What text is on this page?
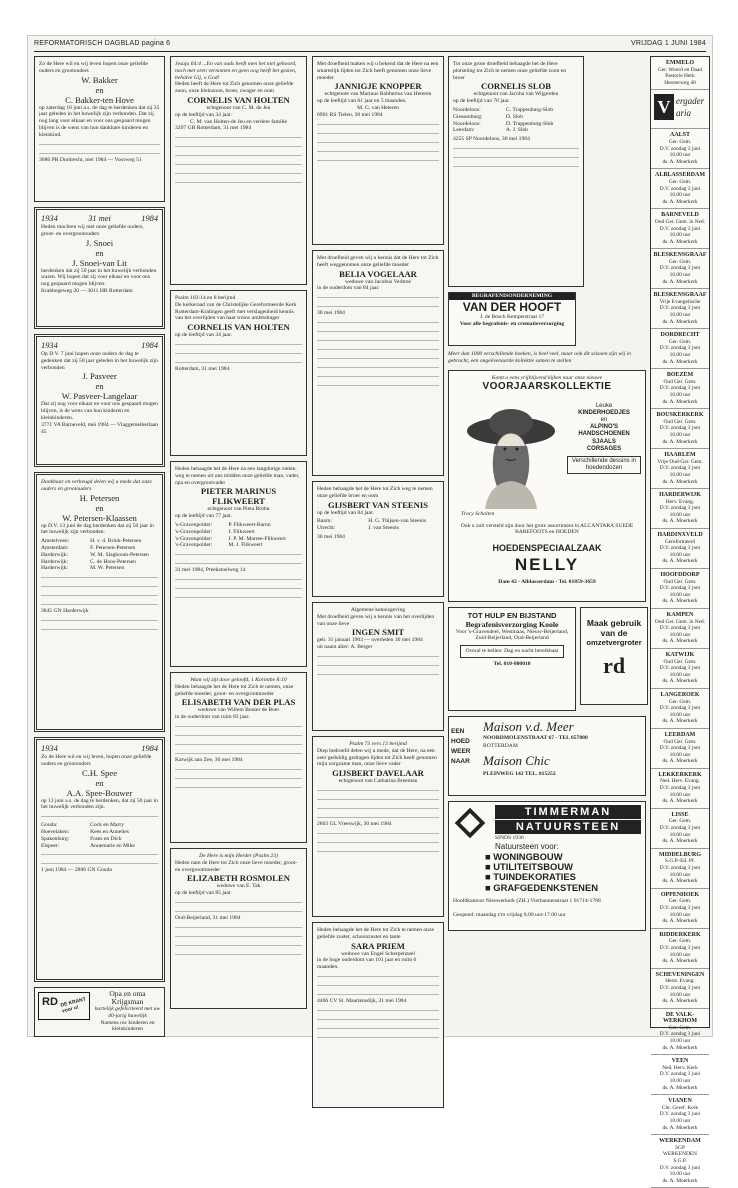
REFORMATORISCH DAGBLAD pagina 6	VRIJDAG 1 JUNI 1984
Zo de Here wil en wij leven hopen onze geliefde ouders en grootouders
W. Bakker
en
C. Bakker-ten Hove
op zaterdag 16 juni a.s. de dag te herdenken dat zij 35 jaar geleden in het huwelijk zijn verbonden. Dat zij nog lang voor elkaar en voor ons gespaard mogen blijven is de wens van hun dankbare kinderen en kleinkind.
3086 PR Dordrecht, mei 1984 — Voorweg 51
1934	31 mei	1984
Heden mochten wij met onze geliefde ouders, groot- en overgrootouders
J. Snoei
en
J. Snoei-van Lit
herdenken dat zij 50 jaar in het huwelijk verbonden waren. Wij hopen dat zij voor elkaar en voor ons nog gespaard mogen blijven.
Krabbegeweg 20 — 3011 HB Rotterdam
1934	1984
Op D.V. 7 juni hopen onze ouders de dag te gedenken dat zij 50 jaar geleden in het huwelijk zijn verbonden
J. Pasveer
en
W. Pasveer-Langelaar
Dat zij nog voor elkaar en voor ons gespaard mogen blijven, is de wens van hun kinderen en kleinkinderen.
3771 VA Barneveld, mei 1984 — Vlaggemeikerlaan 45
Dankbaar en verheugd delen wij u mede dat onze ouders en grootouders
H. Petersen
en
W. Petersen-Klaassen
op D.V. 13 juni de dag herdenken dat zij 50 jaar in het huwelijk zijn verbonden.
Amstelveen:	H. v. d. Brink-Petersen
Amsterdam:	F. Petersen-Petersen
Harderwijk:	W. M. Slagboom-Petersen
Harderwijk:	C. de Hoos-Petersen
Harderwijk:	M. W. Petersen
3845 GN Harderwijk
1934	1984
Zo de Here wil en wij leven, hopen onze geliefde ouders en grootouders
C.H. Spee
en
A.A. Spee-Bouwer
op 13 juni a.s. de dag te herdenken, dat zij 50 jaar in het huwelijk verbonden zijn.
Gouda:	Cock en Marry
Hoevelaken:	Kees en Annelies
Spakenburg:	Frans en Dick
Elspeet:	Annemarie en Mike
1 juni 1984 — 2806 GN Gouda
RD DE KRANT voor u!
Opa en oma Krijgsman
hartelijk gefeliciteerd met uw 40-jarig huwelijk
Namens uw kinderen en kleinkinderen
Jesaja 64:4 ...En van ouds heeft men het niet gehoord, noch met oren vernomen en geen oog heeft het gezien, behalve Gij, o God!
Heden heeft de Here tot Zich genomen onze geliefde zoon, onze kleinzoon, broer, zwager en oom
CORNELIS VAN HOLTEN
echtgenoot van C. M. de Jeu
op de leeftijd van 34 jaar.
C. M. van Holten-de Jeu en verdere familie
3297 GB Rotterdam, 31 mei 1984
Psalm 103:14 en 8 berijmd
De kerkeraad van de Christelijke Gereformeerde Kerk Rotterdam-Kralingen geeft met verslagenheid kennis van het overlijden van haar trouw ambtsdrager
CORNELIS VAN HOLTEN
op de leeftijd van 34 jaar.
Rotterdam, 31 mei 1984
Heden behaagde het de Here na een langdurige ziekte, weg te nemen uit ons midden onze geliefde man, vader, opa en overgrootvader
PIETER MARINUS FLIKWEERT
echtgenoot van Pieta Brobu
op de leeftijd van 77 jaar.
's-Gravenpolder:	P. Flikweert-Barno
's-Gravenpolder:	J. Flikweert
's-Gravenpolder:	J. P. M. Marree-Flikweert
's-Gravenpolder:	M. J. Flikweert
31 mei 1984, Preekstoelweg 14
Want wij zijt door geloofd, 1 Korinthe 8:10
Heden behaagde het de Here tot Zich te nemen, onze geliefde moeder, groot- en overgrootmoeder
ELISABETH VAN DER PLAS
weduwe van Willem Bouter de Boer
in de ouderdom van ruim 83 jaar.
Katwijk aan Zee, 30 mei 1984
De Here is mijn Herder (Psalm 23)
Heden nam de Here tot Zich onze lieve moeder, groot- en overgrootmoeder
ELIZABETH ROSMOLEN
weduwe van E. Tak
op de leeftijd van 85 jaar
Oud-Beijerland, 31 mei 1984
Met droefheid maken wij u bekend dat de Here na een smartelijk lijden tot Zich heeft genomen onze lieve moeder
JANNIGJE KNOPPER
echtgenote van Marinus Robbertus van Heteren
op de leeftijd van 61 jaar en 5 maanden.
M. G. van Heteren
6901 RS Tielen, 30 mei 1984
Met droefheid geven wij u kennis dat de Here tot Zich heeft weggenomen onze geliefde moeder
BELIA VOGELAAR
weduwe van Jacobus Verbree
in de ouderdom van 84 jaar.
30 mei 1984
Heden behaagde het de Here tot Zich weg te nemen onze geliefde broer en oom
GIJSBERT VAN STEENIS
op de leeftijd van 84 jaar.
Baarn:	H. G. Thijsen-van Steenis
Utrecht:	J. van Steenis
30 mei 1984
Algemene kennisgeving
Met droefheid geven wij u kennis van het overlijden van onze lieve
INGEN SMIT
geb. 31 januari 1903 — overleden 30 mei 1984
uit naam aller: A. Berger
Psalm 73 vers 13 berijmd
Diep bedroefd delen wij u mede, dat de Here, na een zeer geduldig gedragen lijden tot Zich heeft genomen mijn zorgzame man, onze lieve vader
GIJSBERT DAVELAAR
echtgenoot van Catharina Breeman
2803 GL Vreeswijk, 30 mei 1984
Heden behaagde het de Here tot Zich te nemen onze geliefde zuster, schoonzuster en tante
SARA PRIEM
weduwe van Engel Scherpenzeel
in de hoge ouderdom van 101 jaar en ruim 6 maanden.
4406 CV St. Maartensdijk, 31 mei 1984
Tot onze grote droefheid behaagde het de Here plotseling tot Zich te nemen onze geliefde zoon en broer
CORNELIS SLOB
echtgenoot van Jacoba van Wijgerden
op de leeftijd van 70 jaar.
Noordeloos:	C. Trappenburg-Slob
Giessenburg:	D. Slob
Noordeloos:	D. Trappenburg-Slob
Leerdam:	A. J. Slob
4255 SP Noordeloos, 30 mei 1984
BEGRAFENISONDERNEMING
VAN DER HOOFT
J. de Bosch Kemperstraat 17
Voor alle begrafenis- en crematieverzorging
Meer dan 1000 verschillende boeken, is heel veel, maar ook dit seizoen zijn wij in gebracht, een ongeëvenaarde kollektie samen te stellen
Komt u eens vrijblijvend kijken naar onze nieuwe
VOORJAARSKOLLEKTIE
Tracy Scholten
Leuke
KINDERHOEDJES
en
ALPINO'S
HANDSCHOENEN
SJAALS
CORSAGES
Verschillende dessins in hoedendozen
Ook u zult versteld zijn door het grote assortiment in ALCANTARA SUEDE BAREFOOTS en HOEDEN
HOEDENSPECIAALZAAK
NELLY
Dam 42 - Alblasserdam - Tel. 01859-3659
TOT HULP EN BIJSTAND
Begrafenisverzorging Koole
Voor 's-Gravendeel, Westmaas, Nieuw-Beijerland, Zuid-Beijerland, Oud-Beijerland
Overal te bellen: Dag en nacht bereikbaar
Tel. 010-800010
Maak gebruik
van de
omzetvergroter
rd
EEN
HOED
WEER
NAAR
Maison v.d. Meer
NOORDMOLENSTRAAT 67 - TEL 657080
ROTTERDAM
Maison Chic
PLEINWEG 142 TEL. 815252
TIMMERMAN
NATUURSTEEN
SINDS 1936
Natuursteen voor:
■ WONINGBOUW
■ UTILITEITSBOUW
■ TUINDEKORATIES
■ GRAFGEDENKSTENEN
Hoofdkantoor Nieuwerkerk (ZH.) Vierbannenstraat 1 01714-1788
Geopend: maandag t/m vrijdag 8.00 uur-17.00 uur
EMMELO
Ger. Woord en Daad
Pastorie Herk
Hersterweg 40
V ergader
aria
AALST
Ger. Gem.
D.V. zondag 3 juni
10.00 uur
ds. A. Moerkerk
ALBLASSERDAM
Ger. Gem.
D.V. zondag 3 juni
10.00 uur
ds. A. Moerkerk
BARNEVELD
Oud Ger. Gem. in Ned.
D.V. zondag 3 juni
10.00 uur
ds. A. Moerkerk
BLESKENSGRAAF
Ger. Gem.
D.V. zondag 3 juni
10.00 uur
ds. A. Moerkerk
BLESKENSGRAAF
Vrije Evangelische
D.V. zondag 3 juni
10.00 uur
ds. A. Moerkerk
DORDRECHT
Ger. Gem.
D.V. zondag 3 juni
10.00 uur
ds. A. Moerkerk
BOEZEM
Oud Ger. Gem.
D.V. zondag 3 juni
10.00 uur
ds. A. Moerkerk
BOUSKERKERK
Oud Ger. Gem.
D.V. zondag 3 juni
10.00 uur
ds. A. Moerkerk
HAARLEM
Vrije Oud-Ger. Gem.
D.V. zondag 3 juni
10.00 uur
ds. A. Moerkerk
HARDERWIJK
Herv. Evang.
D.V. zondag 3 juni
10.00 uur
ds. A. Moerkerk
HARDINXVELD
Gereformeerd
D.V. zondag 3 juni
10.00 uur
ds. A. Moerkerk
HOOFDDORP
Oud Ger. Gem.
D.V. zondag 3 juni
10.00 uur
ds. A. Moerkerk
KAMPEN
Oud Ger. Gem. in Ned.
D.V. zondag 3 juni
10.00 uur
ds. A. Moerkerk
KATWIJK
Oud Ger. Gem.
D.V. zondag 3 juni
10.00 uur
ds. A. Moerkerk
LANGEROEK
Ger. Gem.
D.V. zondag 3 juni
10.00 uur
ds. A. Moerkerk
LEERDAM
Oud Ger. Gem.
D.V. zondag 3 juni
10.00 uur
ds. A. Moerkerk
LEKKERKERK
Ned. Herv. Evang.
D.V. zondag 3 juni
10.00 uur
ds. A. Moerkerk
LISSE
Ger. Gem.
D.V. zondag 3 juni
10.00 uur
ds. A. Moerkerk
MIDDELBURG
S.G.P.-Ed. Pf.
D.V. zondag 3 juni
10.00 uur
ds. A. Moerkerk
OPPENHOEK
Ger. Gem.
D.V. zondag 3 juni
10.00 uur
ds. A. Moerkerk
RIDDERKERK
Ger. Gem.
D.V. zondag 3 juni
10.00 uur
ds. A. Moerkerk
SCHEVENINGEN
Herst. Evang.
D.V. zondag 3 juni
10.00 uur
ds. A. Moerkerk
DE VALK-WERKHOM
Ger. Gem.
D.V. zondag 3 juni
10.00 uur
ds. A. Moerkerk
VEEN
Ned. Herv. Kerk
D.V. zondag 3 juni
10.00 uur
ds. A. Moerkerk
VIANEN
Chr. Geref. Kerk
D.V. zondag 3 juni
10.00 uur
ds. A. Moerkerk
WERKENDAM
SGP
WERKENDEN
S.G.P.
D.V. zondag 3 juni
10.00 uur
ds. A. Moerkerk
